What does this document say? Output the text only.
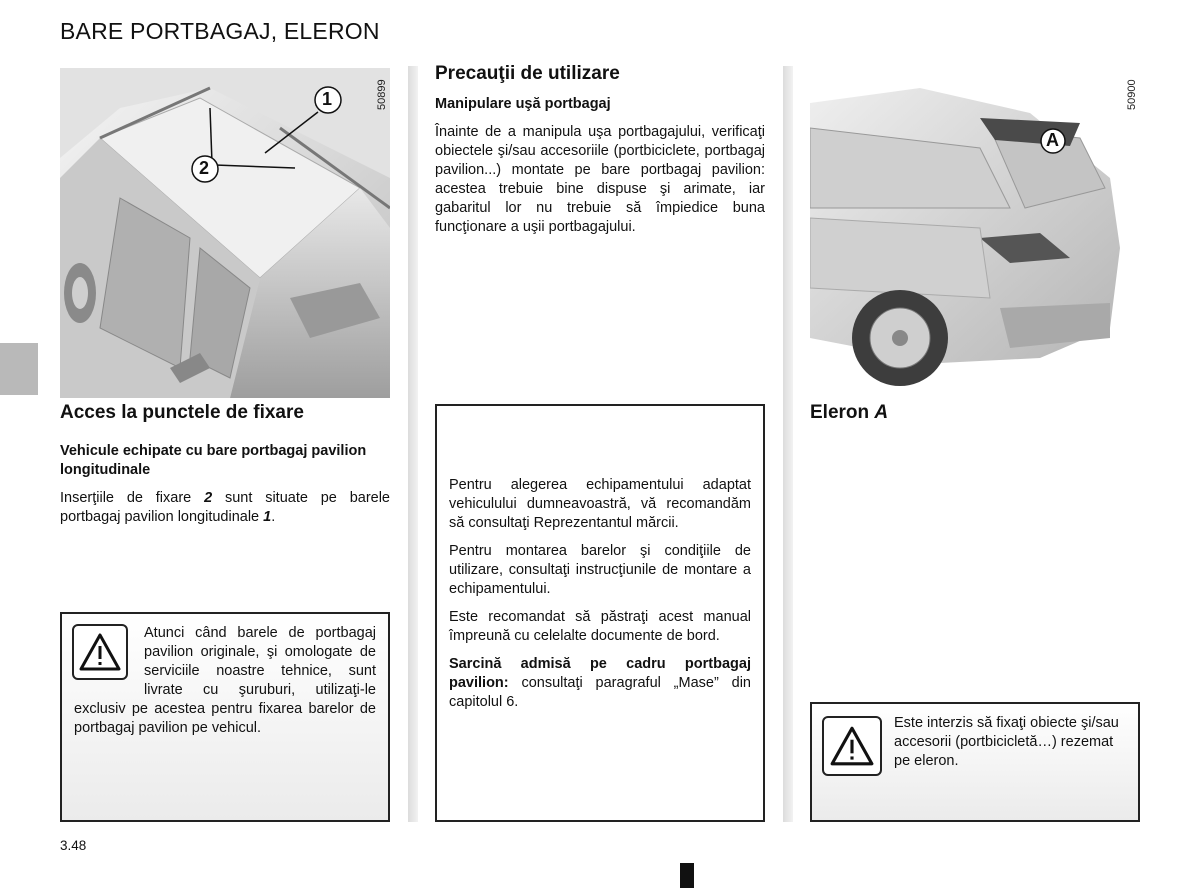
BARE PORTBAGAJ, ELERON
1
2
50899
A
50900
Acces la punctele de fixare
Vehicule echipate cu bare portbagaj pavilion longitudinale
Inserţiile de fixare 2 sunt situate pe barele portbagaj pavilion longitudinale 1.
Atunci când barele de portbagaj pavilion originale, şi omologate de serviciile noastre tehnice, sunt livrate cu şuruburi, utilizaţi-le exclusiv pe acestea pentru fixarea barelor de portbagaj pavilion pe vehicul.
Precauţii de utilizare
Manipulare uşă portbagaj
Înainte de a manipula uşa portbagajului, verificaţi obiectele şi/sau accesoriile (portbiciclete, portbagaj pavilion...) montate pe bare portbagaj pavilion: acestea trebuie bine dispuse şi arimate, iar gabaritul lor nu trebuie să împiedice buna funcţionare a uşii portbagajului.

Pentru alegerea echipamentului adaptat vehiculului dumneavoastră, vă recomandăm să consultaţi Reprezentantul mărcii.

Pentru montarea barelor şi condiţiile de utilizare, consultaţi instrucţiunile de montare a echipamentului.

Este recomandat să păstraţi acest manual împreună cu celelalte documente de bord.

Sarcină admisă pe cadru portbagaj pavilion: consultaţi paragraful „Mase” din capitolul 6.

Eleron A
Este interzis să fixaţi obiecte şi/sau accesorii (portbicicletă…) rezemat pe eleron.
3.48
